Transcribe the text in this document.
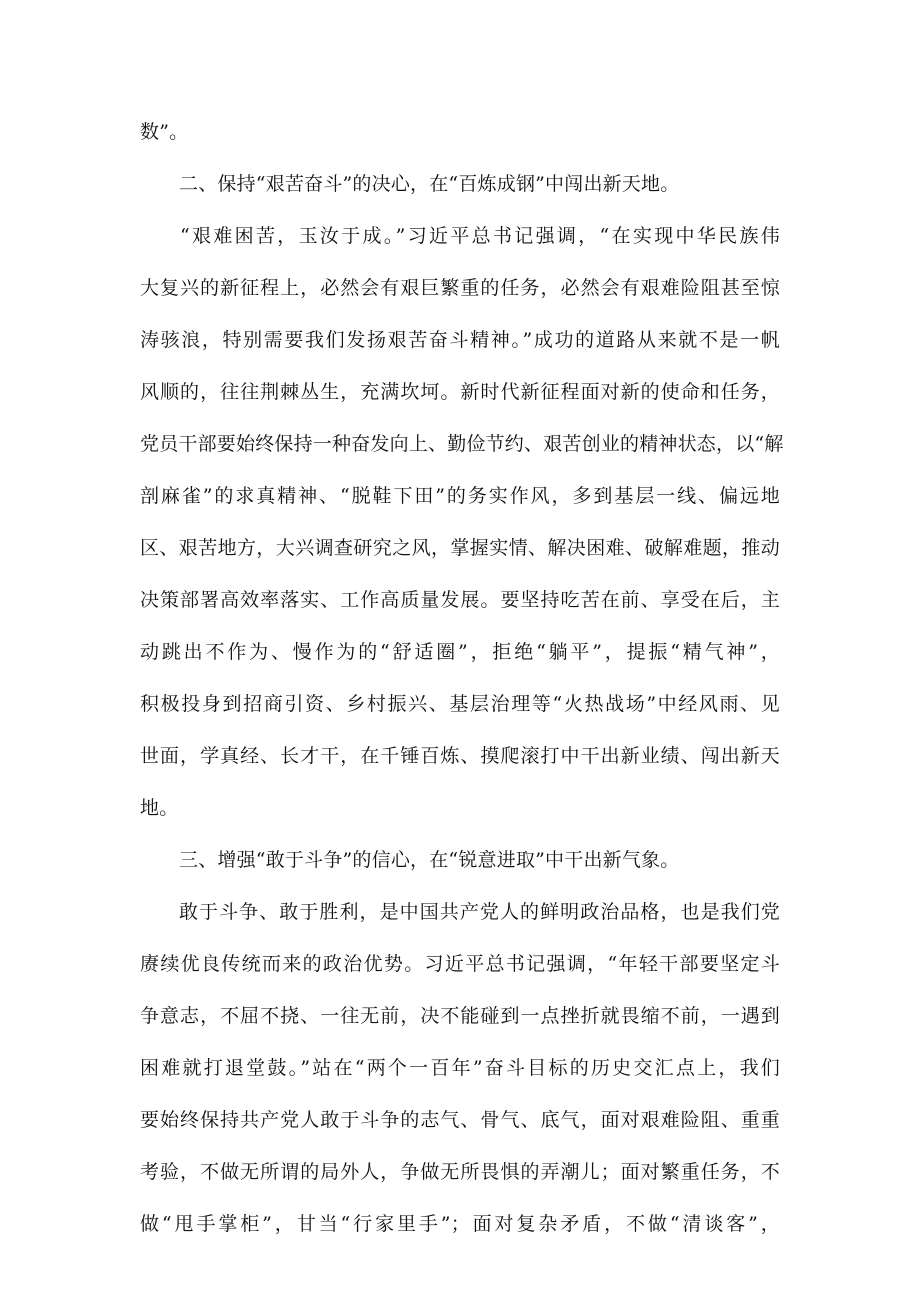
数”。
二、保持“艰苦奋斗”的决心，在“百炼成钢”中闯出新天地。
“艰难困苦，玉汝于成。”习近平总书记强调，“在实现中华民族伟
大复兴的新征程上，必然会有艰巨繁重的任务，必然会有艰难险阻甚至惊
涛骇浪，特别需要我们发扬艰苦奋斗精神。”成功的道路从来就不是一帆
风顺的，往往荆棘丛生，充满坎坷。新时代新征程面对新的使命和任务，
党员干部要始终保持一种奋发向上、勤俭节约、艰苦创业的精神状态，以“解
剖麻雀”的求真精神、“脱鞋下田”的务实作风，多到基层一线、偏远地
区、艰苦地方，大兴调查研究之风，掌握实情、解决困难、破解难题，推动
决策部署高效率落实、工作高质量发展。要坚持吃苦在前、享受在后，主
动跳出不作为、慢作为的“舒适圈”，拒绝“躺平”，提振“精气神”，
积极投身到招商引资、乡村振兴、基层治理等“火热战场”中经风雨、见
世面，学真经、长才干，在千锤百炼、摸爬滚打中干出新业绩、闯出新天
地。
三、增强“敢于斗争”的信心，在“锐意进取”中干出新气象。
敢于斗争、敢于胜利，是中国共产党人的鲜明政治品格，也是我们党
赓续优良传统而来的政治优势。习近平总书记强调，“年轻干部要坚定斗
争意志，不屈不挠、一往无前，决不能碰到一点挫折就畏缩不前，一遇到
困难就打退堂鼓。”站在“两个一百年”奋斗目标的历史交汇点上，我们
要始终保持共产党人敢于斗争的志气、骨气、底气，面对艰难险阻、重重
考验，不做无所谓的局外人，争做无所畏惧的弄潮儿；面对繁重任务，不
做“甩手掌柜”，甘当“行家里手”；面对复杂矛盾，不做“清谈客”，
